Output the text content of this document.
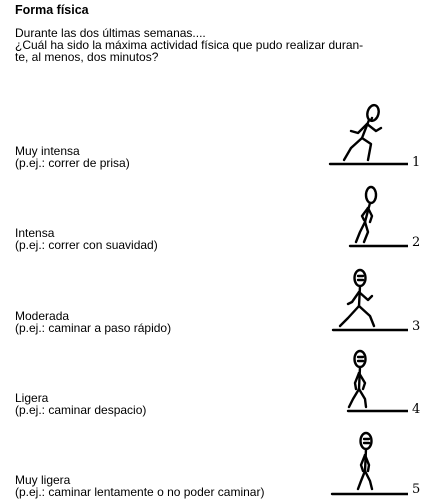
Forma física
Durante las dos últimas semanas....
¿Cuál ha sido la máxima actividad física que pudo realizar duran-
te, al menos, dos minutos?
Muy intensa
(p.ej.: correr de prisa)	1
Intensa
(p.ej.: correr con suavidad)	2
Moderada
(p.ej.: caminar a paso rápido)	3
Ligera
(p.ej.: caminar despacio)	4
Muy ligera
(p.ej.: caminar lentamente o no poder caminar)	5
